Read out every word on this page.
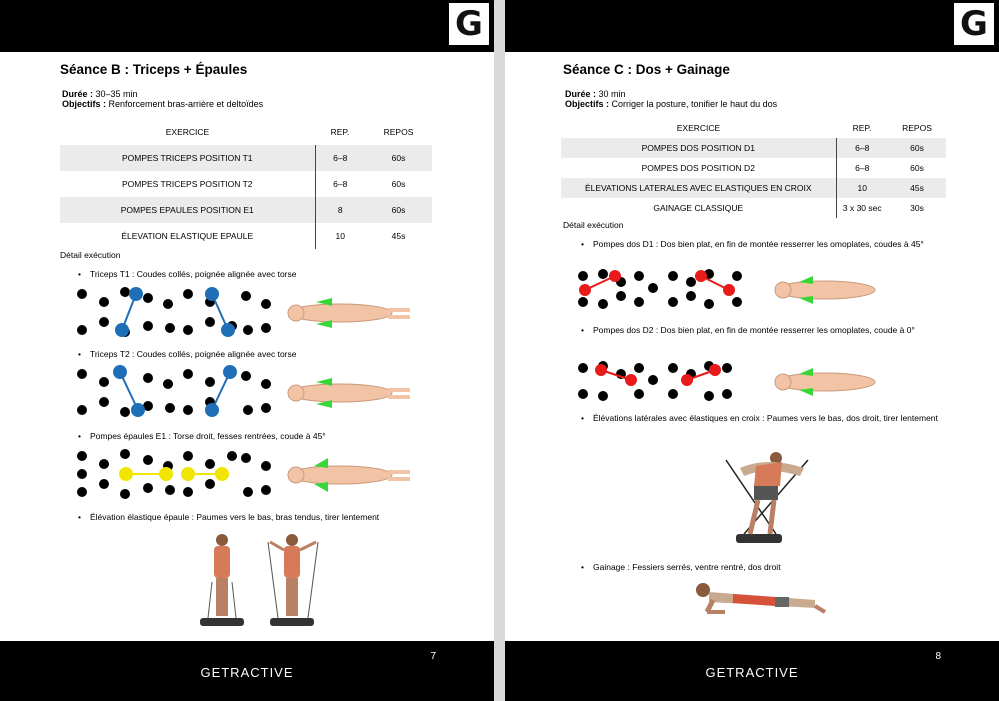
G
Séance B : Triceps + Épaules
Durée : 30–35 min
Objectifs : Renforcement bras-arrière et deltoïdes
EXERCICE	REP.	REPOS
POMPES TRICEPS POSITION T1	6–8	60s
POMPES TRICEPS POSITION T2	6–8	60s
POMPES EPAULES POSITION E1	8	60s
ÉLEVATION ELASTIQUE EPAULE	10	45s
Détail exécution
• Triceps T1 : Coudes collés, poignée alignée avec torse
• Triceps T2 : Coudes collés, poignée alignée avec torse
• Pompes épaules E1 : Torse droit, fesses rentrées, coude à 45°
• Élévation élastique épaule : Paumes vers le bas, bras tendus, tirer lentement
7
GETRACTIVE
G
Séance C : Dos + Gainage
Durée : 30 min
Objectifs : Corriger la posture, tonifier le haut du dos
EXERCICE	REP.	REPOS
POMPES DOS POSITION D1	6–8	60s
POMPES DOS POSITION D2	6–8	60s
ÉLEVATIONS LATERALES AVEC ELASTIQUES EN CROIX	10	45s
GAINAGE CLASSIQUE	3 x 30 sec	30s
Détail exécution
• Pompes dos D1 : Dos bien plat, en fin de montée resserrer les omoplates, coudes à 45°
• Pompes dos D2 : Dos bien plat, en fin de montée resserrer les omoplates, coude à 0°
• Élévations latérales avec élastiques en croix : Paumes vers le bas, dos droit, tirer lentement
• Gainage : Fessiers serrés, ventre rentré, dos droit
8
GETRACTIVE
